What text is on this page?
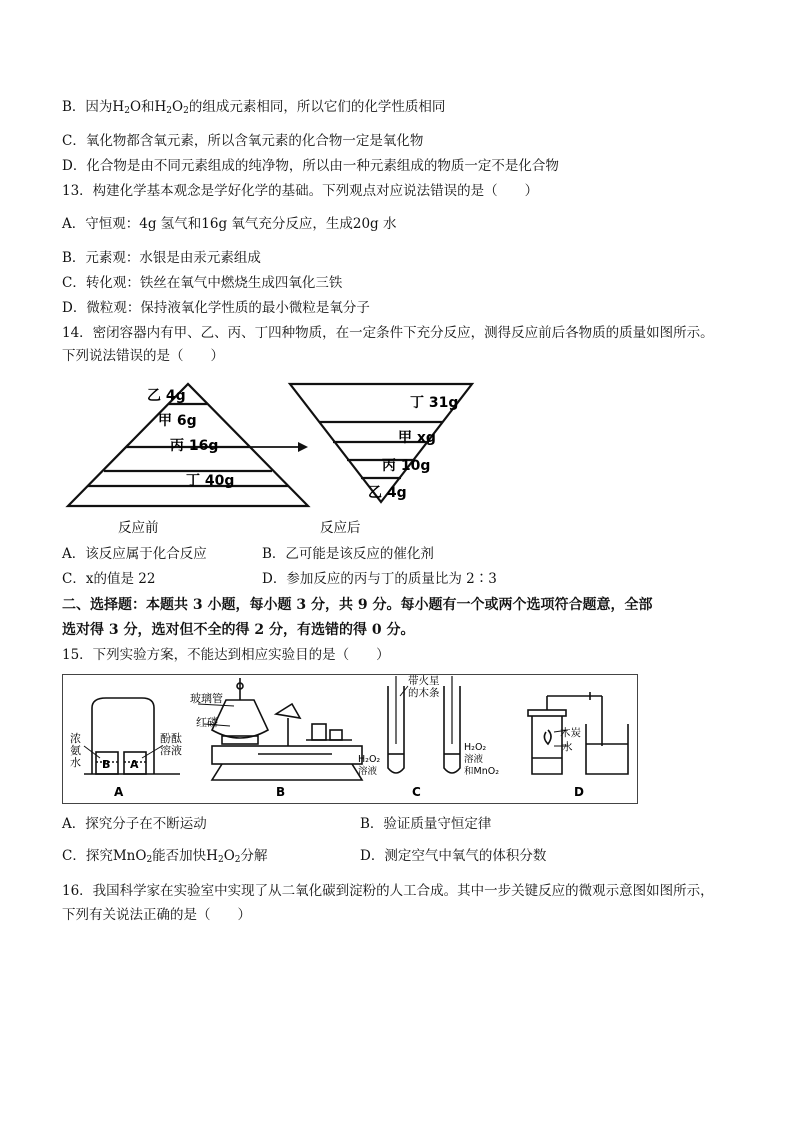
B．因为$H_2O$和$H_2O_2$的组成元素相同，所以它们的化学性质相同
C．氧化物都含氧元素，所以含氧元素的化合物一定是氧化物
D．化合物是由不同元素组成的纯净物，所以由一种元素组成的物质一定不是化合物
13．构建化学基本观念是学好化学的基础。下列观点对应说法错误的是（　　）
A．守恒观：4g 氢气和16g 氧气充分反应，生成20g 水
B．元素观：水银是由汞元素组成
C．转化观：铁丝在氧气中燃烧生成四氧化三铁
D．微粒观：保持液氧化学性质的最小微粒是氧分子
14．密闭容器内有甲、乙、丙、丁四种物质，在一定条件下充分反应，测得反应前后各物质的质量如图所示。
下列说法错误的是（　　）
乙 4g
甲 6g
丙 16g
丁 40g
丁 31g
甲 xg
丙 10g
乙 4g
反应前	反应后
A．该反应属于化合反应	B．乙可能是该反应的催化剂
C．x的值是 22	D．参加反应的丙与丁的质量比为 2∶3
二、选择题：本题共 3 小题，每小题 3 分，共 9 分。每小题有一个或两个选项符合题意，全部
选对得 3 分，选对但不全的得 2 分，有选错的得 0 分。
15．下列实验方案，不能达到相应实验目的是（　　）
浓
氨
水
酚酞
溶液
B A
A
玻璃管
红磷
B
带火星
的木条
H₂O₂
溶液
H₂O₂
溶液
和MnO₂
C
木炭
水
D
A．探究分子在不断运动	B．验证质量守恒定律
C．探究MnO$_2$能否加快$H_2O_2$分解	D．测定空气中氧气的体积分数
16．我国科学家在实验室中实现了从二氧化碳到淀粉的人工合成。其中一步关键反应的微观示意图如图所示，
下列有关说法正确的是（　　）
